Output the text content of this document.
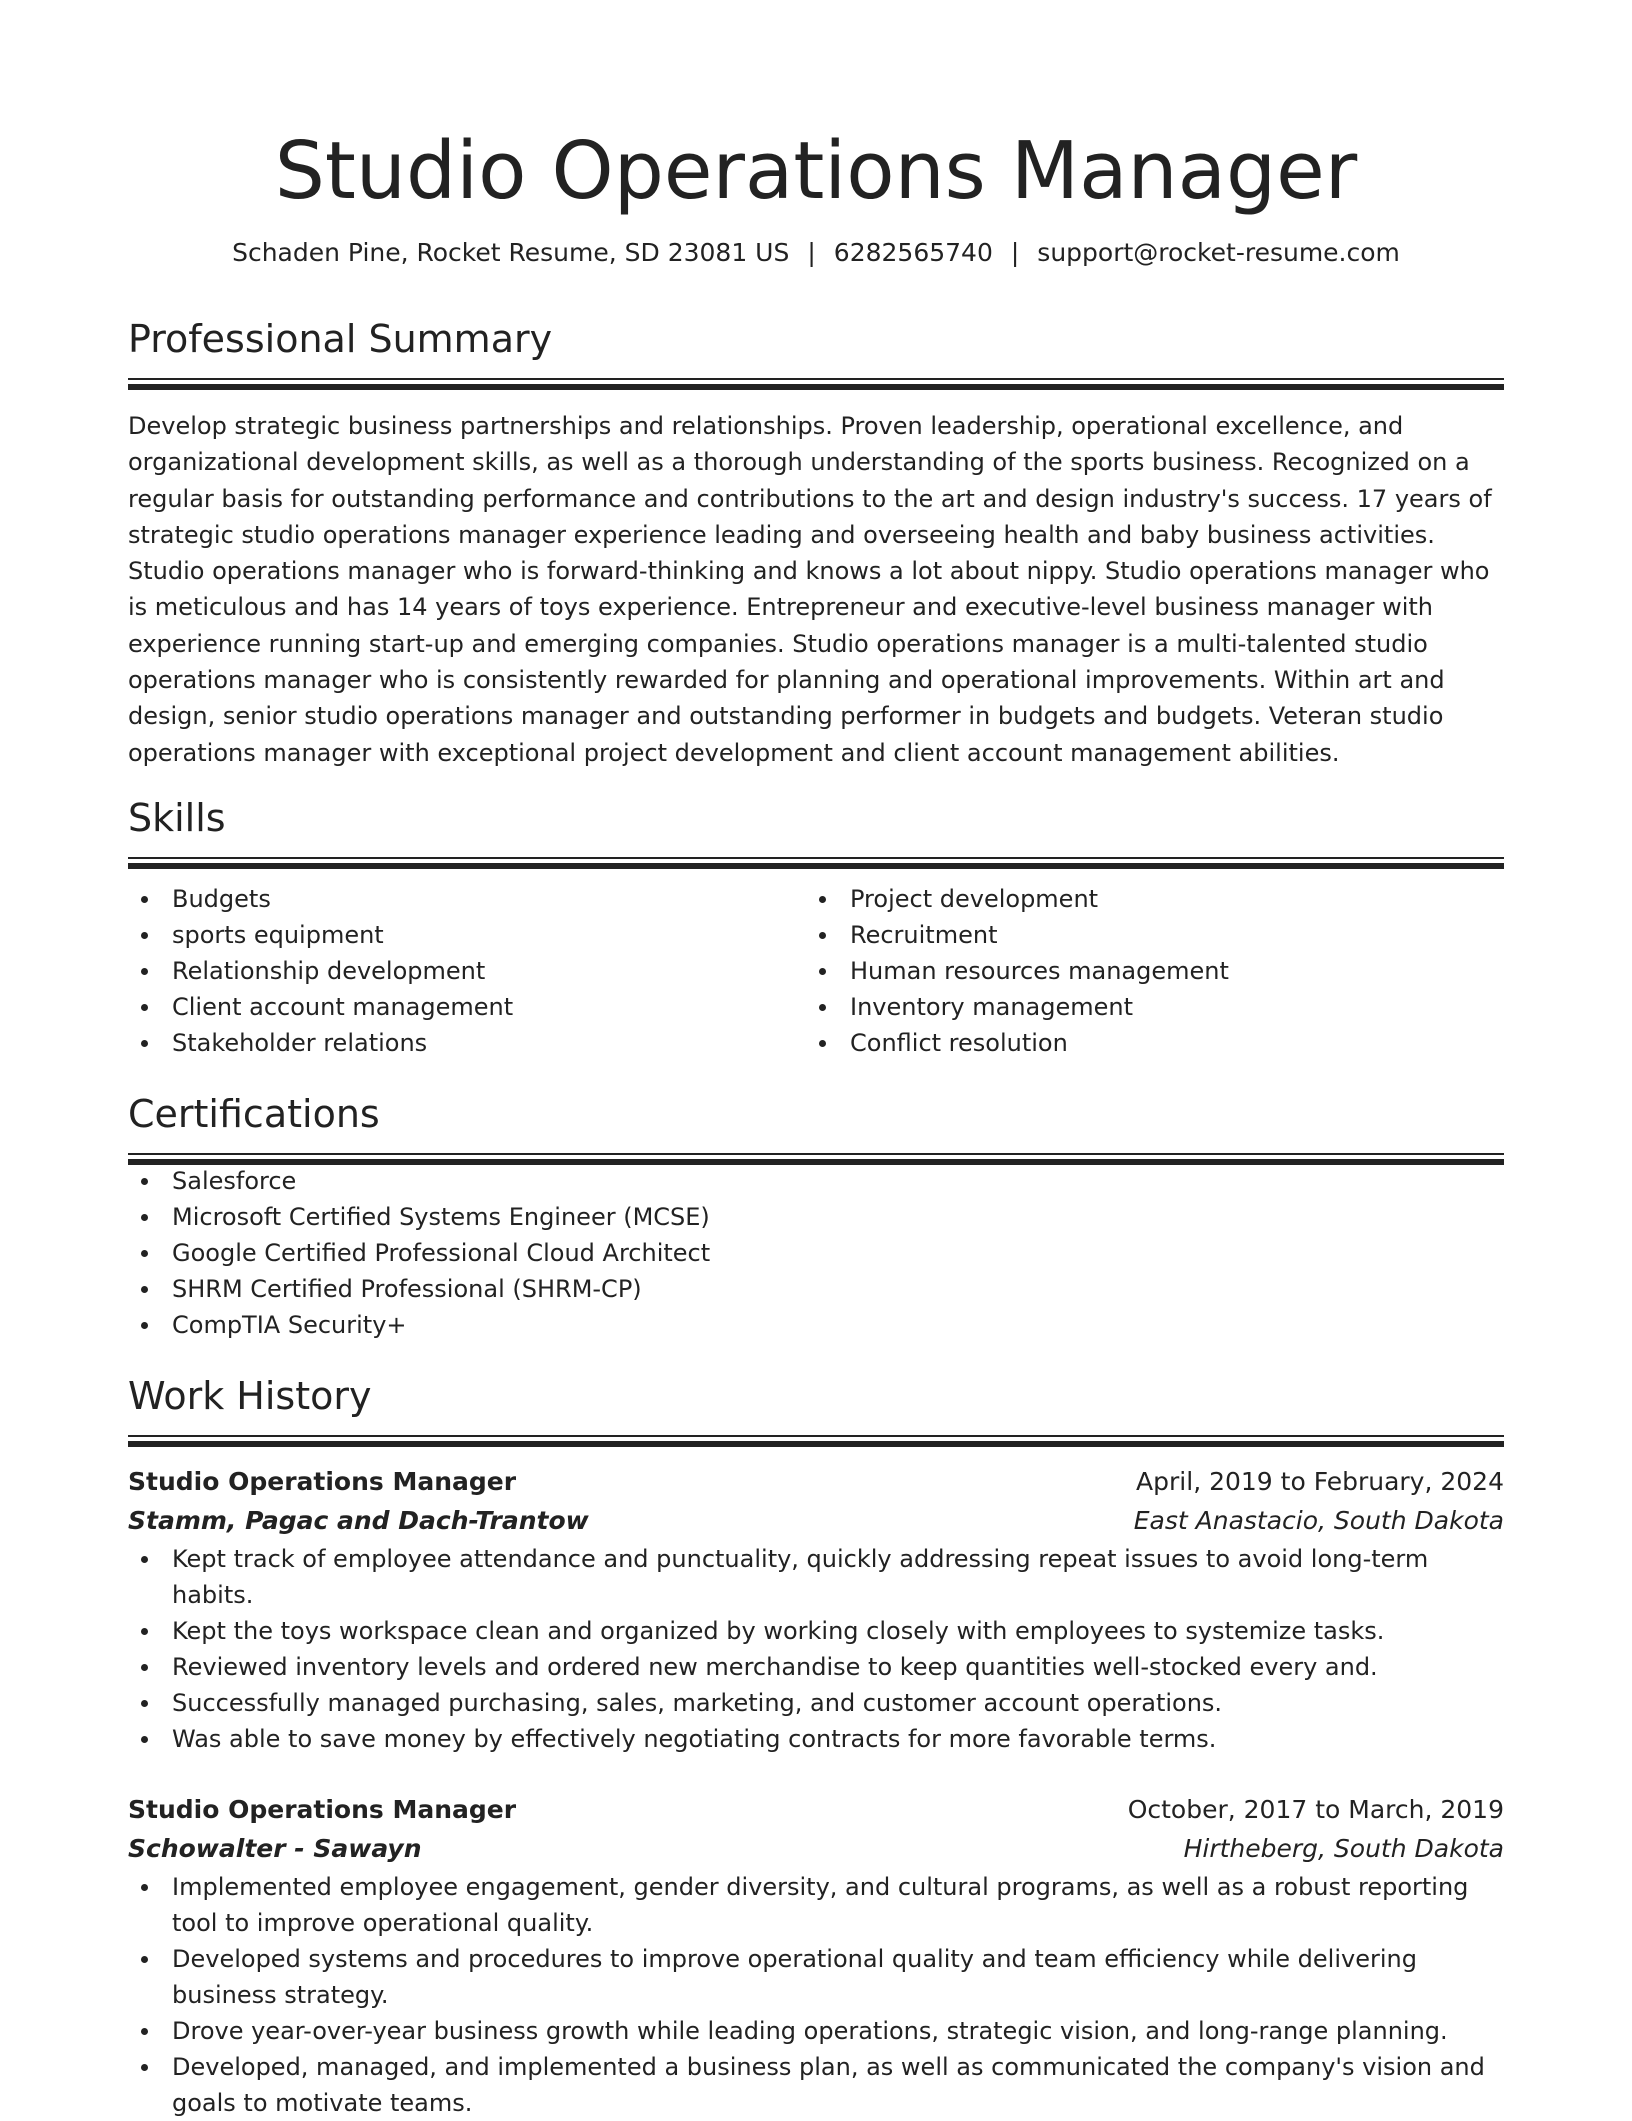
Studio Operations Manager
Schaden Pine, Rocket Resume, SD 23081 US | 6282565740 | support@rocket-resume.com
Professional Summary

Develop strategic business partnerships and relationships. Proven leadership, operational excellence, and organizational development skills, as well as a thorough understanding of the sports business. Recognized on a regular basis for outstanding performance and contributions to the art and design industry's success. 17 years of strategic studio operations manager experience leading and overseeing health and baby business activities. Studio operations manager who is forward-thinking and knows a lot about nippy. Studio operations manager who is meticulous and has 14 years of toys experience. Entrepreneur and executive-level business manager with experience running start-up and emerging companies. Studio operations manager is a multi-talented studio operations manager who is consistently rewarded for planning and operational improvements. Within art and design, senior studio operations manager and outstanding performer in budgets and budgets. Veteran studio operations manager with exceptional project development and client account management abilities.

Skills
Budgets
sports equipment
Relationship development
Client account management
Stakeholder relations
Project development
Recruitment
Human resources management
Inventory management
Conflict resolution
Certifications
Salesforce
Microsoft Certified Systems Engineer (MCSE)
Google Certified Professional Cloud Architect
SHRM Certified Professional (SHRM-CP)
CompTIA Security+
Work History
Studio Operations Manager	April, 2019 to February, 2024
Stamm, Pagac and Dach-Trantow	East Anastacio, South Dakota
Kept track of employee attendance and punctuality, quickly addressing repeat issues to avoid long-term habits.
Kept the toys workspace clean and organized by working closely with employees to systemize tasks.
Reviewed inventory levels and ordered new merchandise to keep quantities well-stocked every and.
Successfully managed purchasing, sales, marketing, and customer account operations.
Was able to save money by effectively negotiating contracts for more favorable terms.
Studio Operations Manager	October, 2017 to March, 2019
Schowalter - Sawayn	Hirtheberg, South Dakota
Implemented employee engagement, gender diversity, and cultural programs, as well as a robust reporting tool to improve operational quality.
Developed systems and procedures to improve operational quality and team efficiency while delivering business strategy.
Drove year-over-year business growth while leading operations, strategic vision, and long-range planning.
Developed, managed, and implemented a business plan, as well as communicated the company's vision and goals to motivate teams.
